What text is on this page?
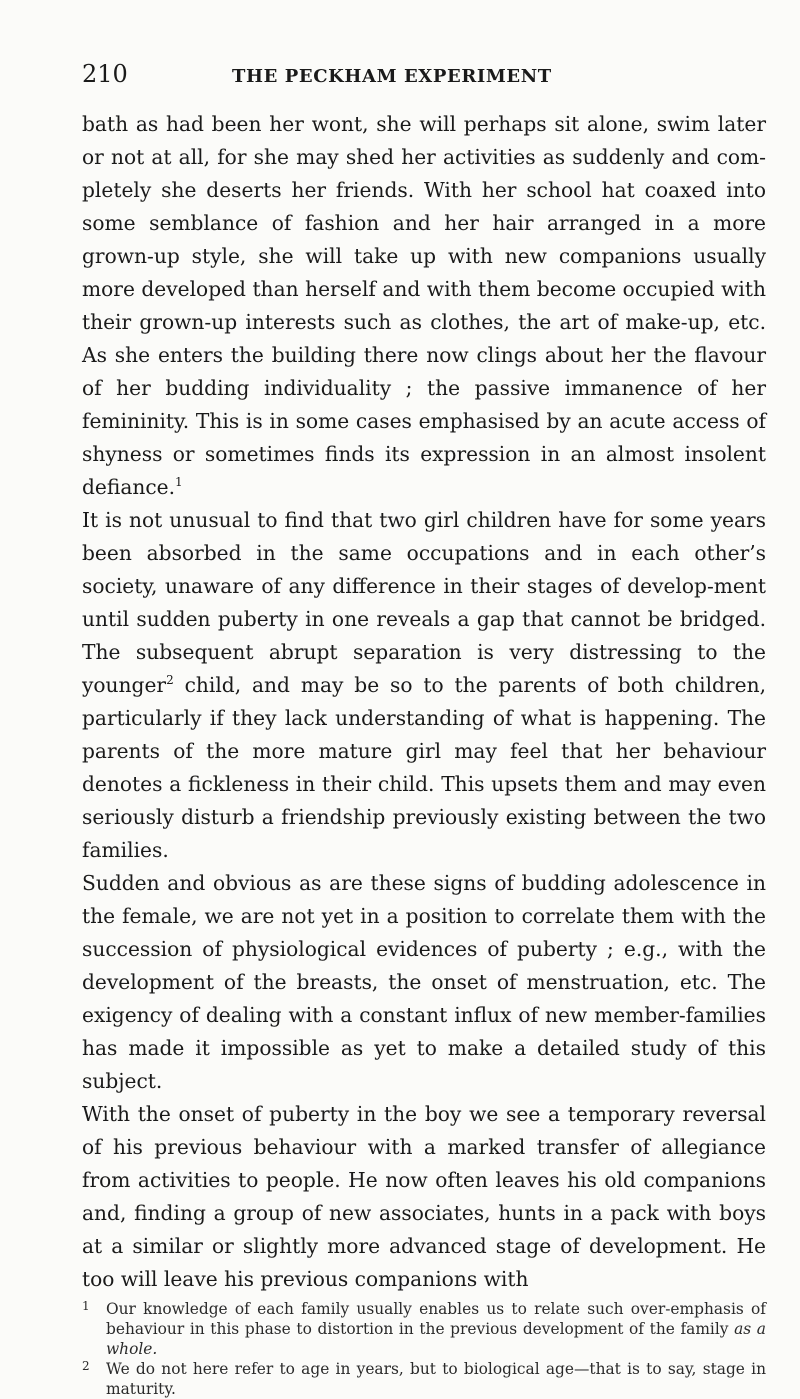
210	THE PECKHAM EXPERIMENT

bath as had been her wont, she will perhaps sit alone, swim later or not at all, for she may shed her activities as suddenly and com-pletely she deserts her friends. With her school hat coaxed into some semblance of fashion and her hair arranged in a more grown-up style, she will take up with new companions usually more developed than herself and with them become occupied with their grown-up interests such as clothes, the art of make-up, etc. As she enters the building there now clings about her the flavour of her budding individuality ; the passive immanence of her femininity. This is in some cases emphasised by an acute access of shyness or sometimes finds its expression in an almost insolent defiance.$^1$

It is not unusual to find that two girl children have for some years been absorbed in the same occupations and in each other’s society, unaware of any difference in their stages of develop-ment until sudden puberty in one reveals a gap that cannot be bridged. The subsequent abrupt separation is very distressing to the younger$^2$ child, and may be so to the parents of both children, particularly if they lack understanding of what is happening. The parents of the more mature girl may feel that her behaviour denotes a fickleness in their child. This upsets them and may even seriously disturb a friendship previously existing between the two families.

Sudden and obvious as are these signs of budding adolescence in the female, we are not yet in a position to correlate them with the succession of physiological evidences of puberty ; e.g., with the development of the breasts, the onset of menstruation, etc. The exigency of dealing with a constant influx of new member-families has made it impossible as yet to make a detailed study of this subject.

With the onset of puberty in the boy we see a temporary reversal of his previous behaviour with a marked transfer of allegiance from activities to people. He now often leaves his old companions and, finding a group of new associates, hunts in a pack with boys at a similar or slightly more advanced stage of development. He too will leave his previous companions with

1	Our knowledge of each family usually enables us to relate such over-emphasis of behaviour in this phase to distortion in the previous development of the family as a whole.
2	We do not here refer to age in years, but to biological age—that is to say, stage in maturity.
